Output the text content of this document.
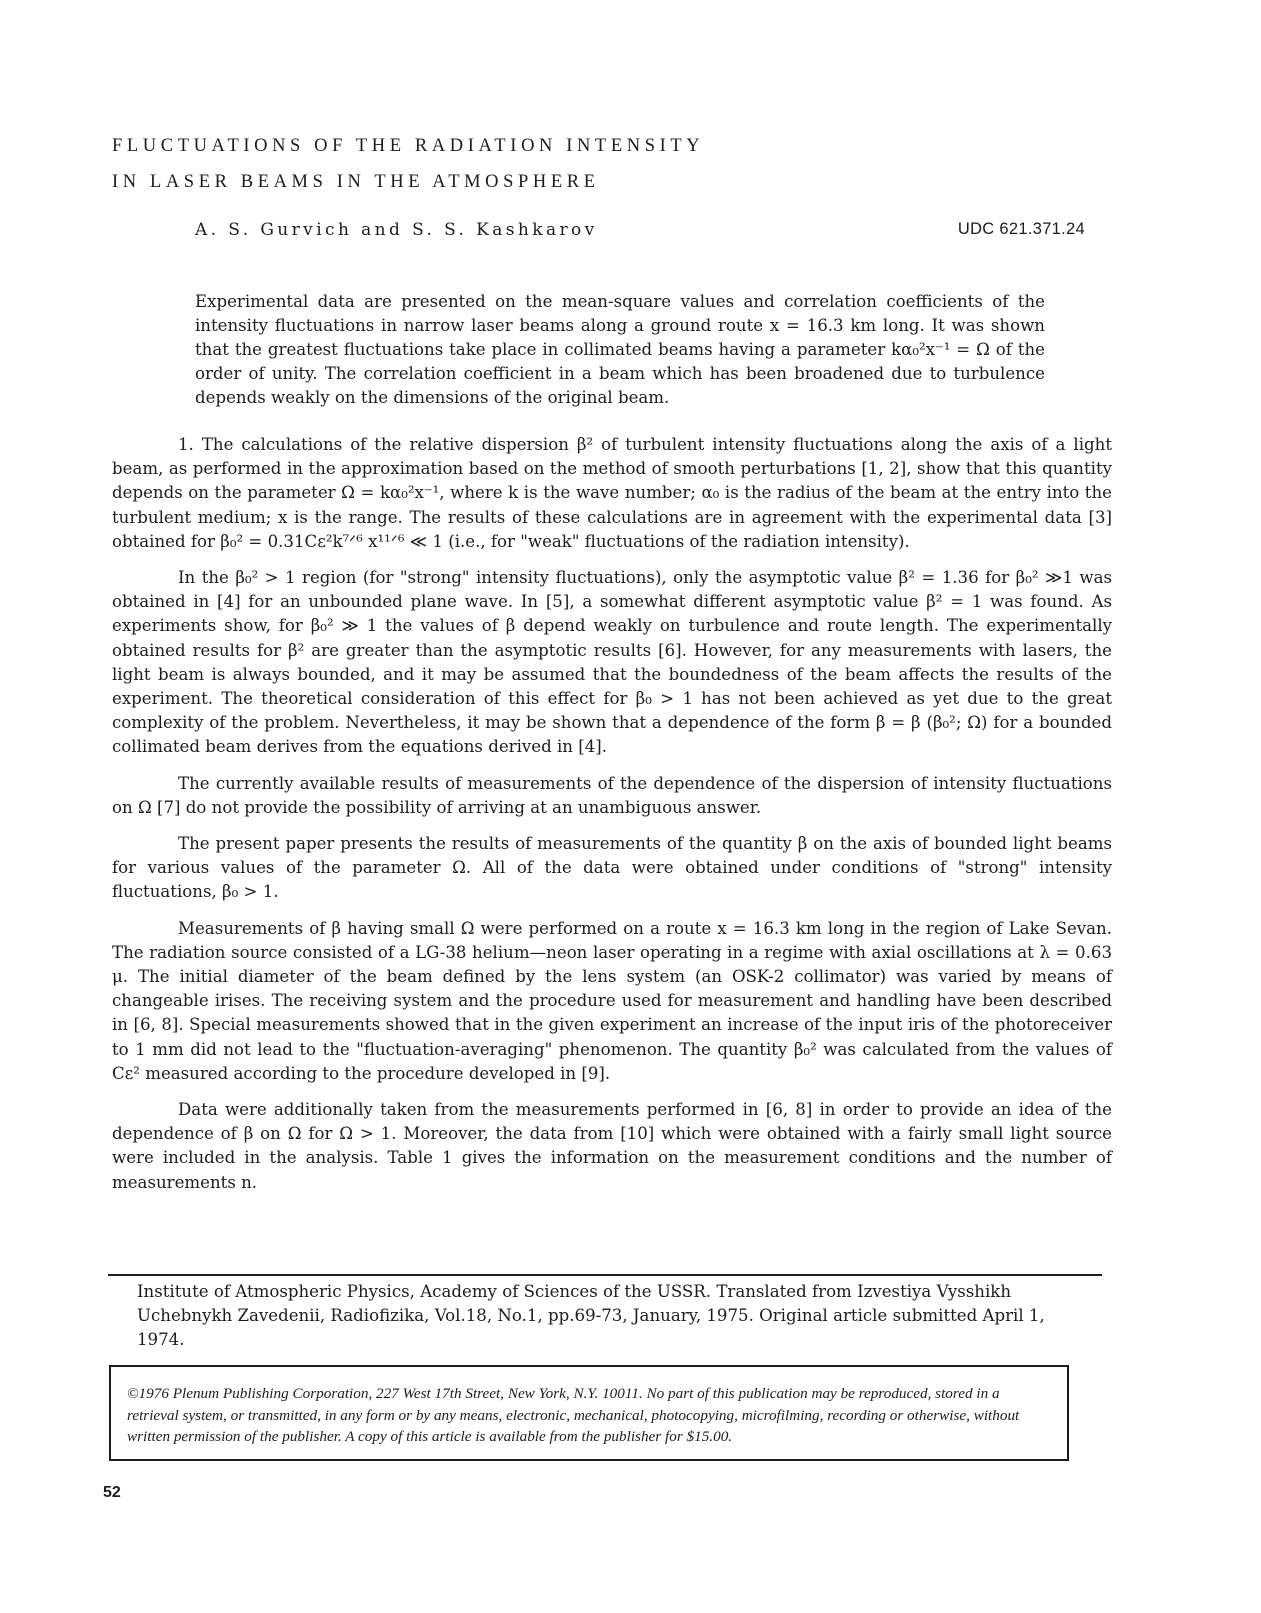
FLUCTUATIONS OF THE RADIATION INTENSITY
IN LASER BEAMS IN THE ATMOSPHERE
A. S. Gurvich and S. S. Kashkarov	UDC 621.371.24
Experimental data are presented on the mean-square values and correlation coefficients of the intensity fluctuations in narrow laser beams along a ground route x = 16.3 km long. It was shown that the greatest fluctuations take place in collimated beams having a parameter kα₀²x⁻¹ = Ω of the order of unity. The correlation coefficient in a beam which has been broadened due to turbulence depends weakly on the dimensions of the original beam.

1. The calculations of the relative dispersion β² of turbulent intensity fluctuations along the axis of a light beam, as performed in the approximation based on the method of smooth perturbations [1, 2], show that this quantity depends on the parameter Ω = kα₀²x⁻¹, where k is the wave number; α₀ is the radius of the beam at the entry into the turbulent medium; x is the range. The results of these calculations are in agreement with the experimental data [3] obtained for β₀² = 0.31Cε²k⁷ᐟ⁶ x¹¹ᐟ⁶ ≪ 1 (i.e., for "weak" fluctuations of the radiation intensity).

In the β₀² > 1 region (for "strong" intensity fluctuations), only the asymptotic value β² = 1.36 for β₀² ≫1 was obtained in [4] for an unbounded plane wave. In [5], a somewhat different asymptotic value β² = 1 was found. As experiments show, for β₀² ≫ 1 the values of β depend weakly on turbulence and route length. The experimentally obtained results for β² are greater than the asymptotic results [6]. However, for any measurements with lasers, the light beam is always bounded, and it may be assumed that the boundedness of the beam affects the results of the experiment. The theoretical consideration of this effect for β₀ > 1 has not been achieved as yet due to the great complexity of the problem. Nevertheless, it may be shown that a dependence of the form β = β (β₀²; Ω) for a bounded collimated beam derives from the equations derived in [4].

The currently available results of measurements of the dependence of the dispersion of intensity fluctuations on Ω [7] do not provide the possibility of arriving at an unambiguous answer.

The present paper presents the results of measurements of the quantity β on the axis of bounded light beams for various values of the parameter Ω. All of the data were obtained under conditions of "strong" intensity fluctuations, β₀ > 1.

Measurements of β having small Ω were performed on a route x = 16.3 km long in the region of Lake Sevan. The radiation source consisted of a LG-38 helium—neon laser operating in a regime with axial oscillations at λ = 0.63 μ. The initial diameter of the beam defined by the lens system (an OSK-2 collimator) was varied by means of changeable irises. The receiving system and the procedure used for measurement and handling have been described in [6, 8]. Special measurements showed that in the given experiment an increase of the input iris of the photoreceiver to 1 mm did not lead to the "fluctuation-averaging" phenomenon. The quantity β₀² was calculated from the values of Cε² measured according to the procedure developed in [9].

Data were additionally taken from the measurements performed in [6, 8] in order to provide an idea of the dependence of β on Ω for Ω > 1. Moreover, the data from [10] which were obtained with a fairly small light source were included in the analysis. Table 1 gives the information on the measurement conditions and the number of measurements n.

Institute of Atmospheric Physics, Academy of Sciences of the USSR. Translated from Izvestiya Vysshikh Uchebnykh Zavedenii, Radiofizika, Vol.18, No.1, pp.69-73, January, 1975. Original article submitted April 1, 1974.
©1976 Plenum Publishing Corporation, 227 West 17th Street, New York, N.Y. 10011. No part of this publication may be reproduced, stored in a retrieval system, or transmitted, in any form or by any means, electronic, mechanical, photocopying, microfilming, recording or otherwise, without written permission of the publisher. A copy of this article is available from the publisher for $15.00.
52
